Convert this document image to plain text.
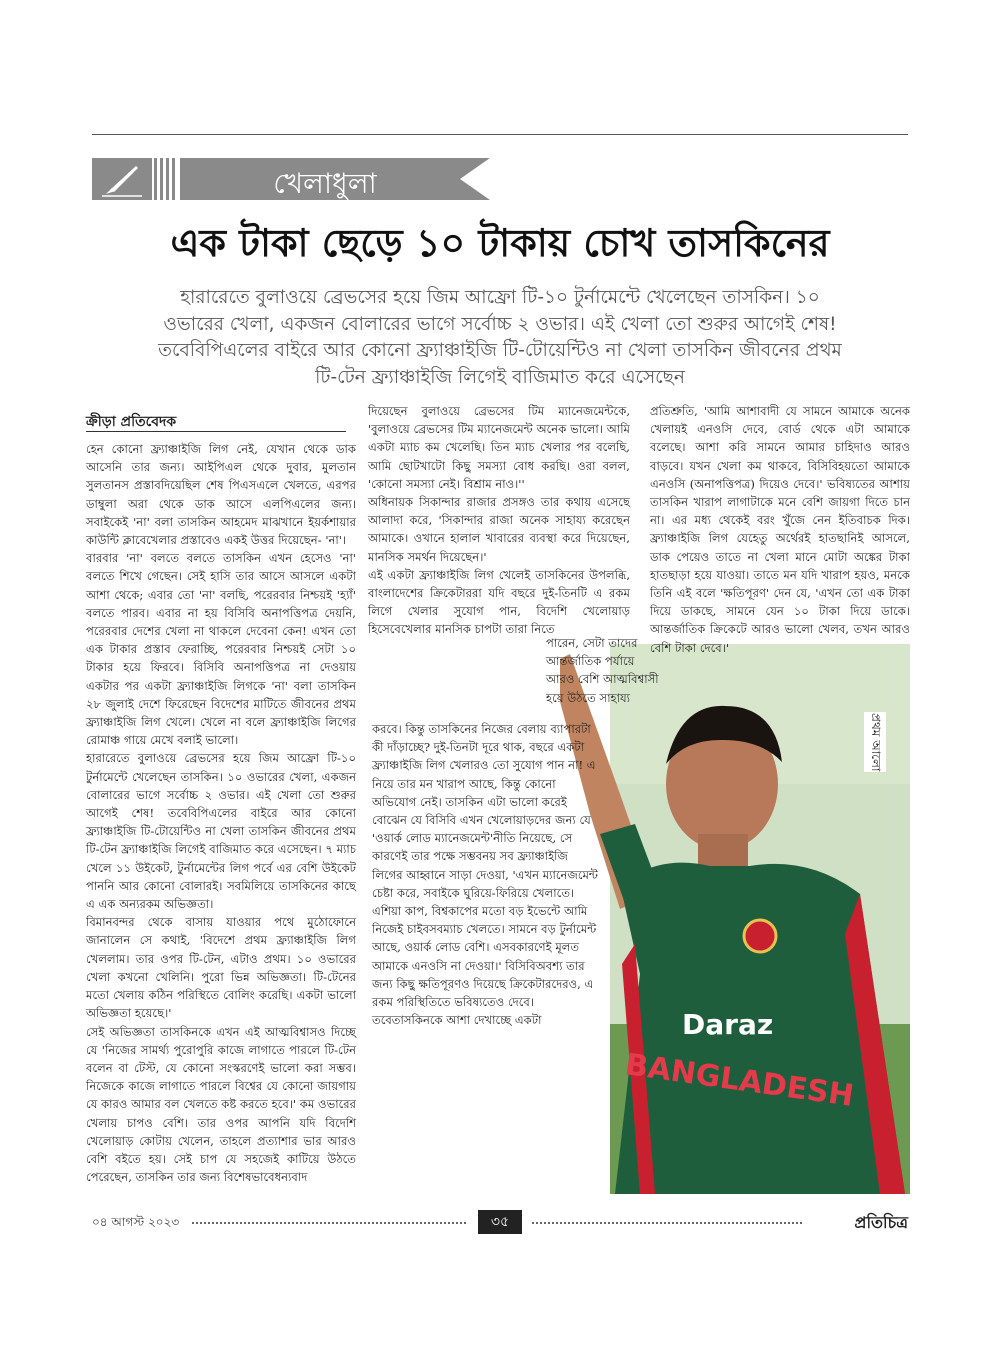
খেলাধুলা
এক টাকা ছেড়ে ১০ টাকায় চোখ তাসকিনের
হারারেতে বুলাওয়ে ব্রেভসের হয়ে জিম আফ্রো টি-১০ টুর্নামেন্টে খেলেছেন তাসকিন। ১০ ওভারের খেলা, একজন বোলারের ভাগে সর্বোচ্চ ২ ওভার। এই খেলা তো শুরুর আগেই শেষ! তবেবিপিএলের বাইরে আর কোনো ফ্র্যাঞ্চাইজি টি-টোয়েন্টিও না খেলা তাসকিন জীবনের প্রথম টি-টেন ফ্র্যাঞ্চাইজি লিগেই বাজিমাত করে এসেছেন
ক্রীড়া প্রতিবেদক

হেন কোনো ফ্র্যাঞ্চাইজি লিগ নেই, যেখান থেকে ডাক আসেনি তার জন্য। আইপিএল থেকে দুবার, মুলতান সুলতানস প্রস্তাবদিয়েছিল শেষ পিএসএলে খেলতে, এরপর ডাম্বুলা অরা থেকে ডাক আসে এলপিএলের জন্য। সবাইকেই 'না' বলা তাসকিন আহমেদ মাঝখানে ইয়র্কশায়ার কাউন্টি ক্লাবেখেলার প্রস্তাবেও একই উত্তর দিয়েছেন- 'না'।

বারবার 'না' বলতে বলতে তাসকিন এখন হেসেও 'না' বলতে শিখে গেছেন। সেই হাসি তার আসে আসলে একটা আশা থেকে; এবার তো 'না' বলছি, পরেরবার নিশ্চয়ই 'হ্যাঁ' বলতে পারব। এবার না হয় বিসিবি অনাপত্তিপত্র দেয়নি, পরেরবার দেশের খেলা না থাকলে দেবেনা কেন! এখন তো এক টাকার প্রস্তাব ফেরাচ্ছি, পরেরবার নিশ্চয়ই সেটা ১০ টাকার হয়ে ফিরবে। বিসিবি অনাপত্তিপত্র না দেওয়ায় একটার পর একটা ফ্র্যাঞ্চাইজি লিগকে 'না' বলা তাসকিন ২৮ জুলাই দেশে ফিরেছেন বিদেশের মাটিতে জীবনের প্রথম ফ্র্যাঞ্চাইজি লিগ খেলে। খেলে না বলে ফ্র্যাঞ্চাইজি লিগের রোমাঞ্চ গায়ে মেখে বলাই ভালো।

হারারেতে বুলাওয়ে ব্রেভসের হয়ে জিম আফ্রো টি-১০ টুর্নামেন্টে খেলেছেন তাসকিন। ১০ ওভারের খেলা, একজন বোলারের ভাগে সর্বোচ্চ ২ ওভার। এই খেলা তো শুরুর আগেই শেষ! তবেবিপিএলের বাইরে আর কোনো ফ্র্যাঞ্চাইজি টি-টোয়েন্টিও না খেলা তাসকিন জীবনের প্রথম টি-টেন ফ্র্যাঞ্চাইজি লিগেই বাজিমাত করে এসেছেন। ৭ ম্যাচ খেলে ১১ উইকেট, টুর্নামেন্টের লিগ পর্বে এর বেশি উইকেট পাননি আর কোনো বোলারই। সবমিলিয়ে তাসকিনের কাছে এ এক অন্যরকম অভিজ্ঞতা।

বিমানবন্দর থেকে বাসায় যাওয়ার পথে মুঠোফোনে জানালেন সে কথাই, 'বিদেশে প্রথম ফ্র্যাঞ্চাইজি লিগ খেললাম। তার ওপর টি-টেন, এটাও প্রথম। ১০ ওভারের খেলা কখনো খেলিনি। পুরো ভিন্ন অভিজ্ঞতা। টি-টেনের মতো খেলায় কঠিন পরিস্থিতে বোলিং করেছি। একটা ভালো অভিজ্ঞতা হয়েছে।'

সেই অভিজ্ঞতা তাসকিনকে এখন এই আত্মবিশ্বাসও দিচ্ছে যে 'নিজের সামর্থ্য পুরোপুরি কাজে লাগাতে পারলে টি-টেন বলেন বা টেস্ট, যে কোনো সংস্করণেই ভালো করা সম্ভব। নিজেকে কাজে লাগাতে পারলে বিশ্বের যে কোনো জায়গায় যে কারও আমার বল খেলতে কষ্ট করতে হবে।' কম ওভারের খেলায় চাপও বেশি। তার ওপর আপনি যদি বিদেশি খেলোয়াড় কোটায় খেলেন, তাহলে প্রত্যাশার ভার আরও বেশি বইতে হয়। সেই চাপ যে সহজেই কাটিয়ে উঠতে পেরেছেন, তাসকিন তার জন্য বিশেষভাবেধন্যবাদ

দিয়েছেন বুলাওয়ে ব্রেভসের টিম ম্যানেজমেন্টকে, 'বুলাওয়ে ব্রেভসের টিম ম্যানেজমেন্ট অনেক ভালো। আমি একটা ম্যাচ কম খেলেছি। তিন ম্যাচ খেলার পর বলেছি, আমি ছোটখাটো কিছু সমস্যা বোধ করছি। ওরা বলল, 'কোনো সমস্যা নেই। বিশ্রাম নাও।''

অধিনায়ক সিকান্দার রাজার প্রসঙ্গও তার কথায় এসেছে আলাদা করে, 'সিকান্দার রাজা অনেক সাহায্য করেছেন আমাকে। ওখানে হালাল খাবারের ব্যবস্থা করে দিয়েছেন, মানসিক সমর্থন দিয়েছেন।'

এই একটা ফ্র্যাঞ্চাইজি লিগ খেলেই তাসকিনের উপলব্ধি, বাংলাদেশের ক্রিকেটাররা যদি বছরে দুই-তিনটি এ রকম লিগে খেলার সুযোগ পান, বিদেশি খেলোয়াড় হিসেবেখেলার মানসিক চাপটা তারা নিতে

Daraz
BANGLADESH
প্রথম আলো
পারেন, সেটা তাদের আন্তর্জাতিক পর্যায়ে আরও বেশি আত্মবিশ্বাসী হয়ে উঠতে সাহায্য
করবে। কিন্তু তাসকিনের নিজের বেলায় ব্যাপারটা কী দাঁড়াচ্ছে? দুই-তিনটা দূরে থাক, বছরে একটা ফ্র্যাঞ্চাইজি লিগ খেলারও তো সুযোগ পান না! এ নিয়ে তার মন খারাপ আছে, কিন্তু কোনো অভিযোগ নেই। তাসকিন এটা ভালো করেই বোঝেন যে বিসিবি এখন খেলোয়াড়দের জন্য যে 'ওয়ার্ক লোড ম্যানেজমেন্ট'নীতি নিয়েছে, সে কারণেই তার পক্ষে সম্ভবনয় সব ফ্র্যাঞ্চাইজি লিগের আহ্বানে সাড়া দেওয়া, 'এখন ম্যানেজমেন্ট চেষ্টা করে, সবাইকে ঘুরিয়ে-ফিরিয়ে খেলাতে। এশিয়া কাপ, বিশ্বকাপের মতো বড় ইভেন্টে আমি নিজেই চাইবসবম্যাচ খেলতে। সামনে বড় টুর্নামেন্ট আছে, ওয়ার্ক লোড বেশি। এসবকারণেই মূলত আমাকে এনওসি না দেওয়া।' বিসিবিঅবশ্য তার জন্য কিছু ক্ষতিপূরণও দিয়েছে ক্রিকেটারদেরও, এ রকম পরিস্থিতিতে ভবিষ্যতেও দেবে। তবেতাসকিনকে আশা দেখাচ্ছে একটা

প্রতিশ্রুতি, 'আমি আশাবাদী যে সামনে আমাকে অনেক খেলায়ই এনওসি দেবে, বোর্ড থেকে এটা আমাকে বলেছে। আশা করি সামনে আমার চাহিদাও আরও বাড়বে। যখন খেলা কম থাকবে, বিসিবিহয়তো আমাকে এনওসি (অনাপত্তিপত্র) দিয়েও দেবে।' ভবিষ্যতের আশায় তাসকিন খারাপ লাগাটাকে মনে বেশি জায়গা দিতে চান না। এর মধ্য থেকেই বরং খুঁজে নেন ইতিবাচক দিক। ফ্র্যাঞ্চাইজি লিগ যেহেতু অর্থেরই হাতছানিই আসলে, ডাক পেয়েও তাতে না খেলা মানে মোটা অঙ্কের টাকা হাতছাড়া হয়ে যাওয়া। তাতে মন যদি খারাপ হয়ও, মনকে তিনি এই বলে 'ক্ষতিপূরণ' দেন যে, 'এখন তো এক টাকা দিয়ে ডাকছে, সামনে যেন ১০ টাকা দিয়ে ডাকে। আন্তর্জাতিক ক্রিকেটে আরও ভালো খেলব, তখন আরও বেশি টাকা দেবে।'

০৪ আগস্ট ২০২৩	৩৫	প্রতিচিত্র
